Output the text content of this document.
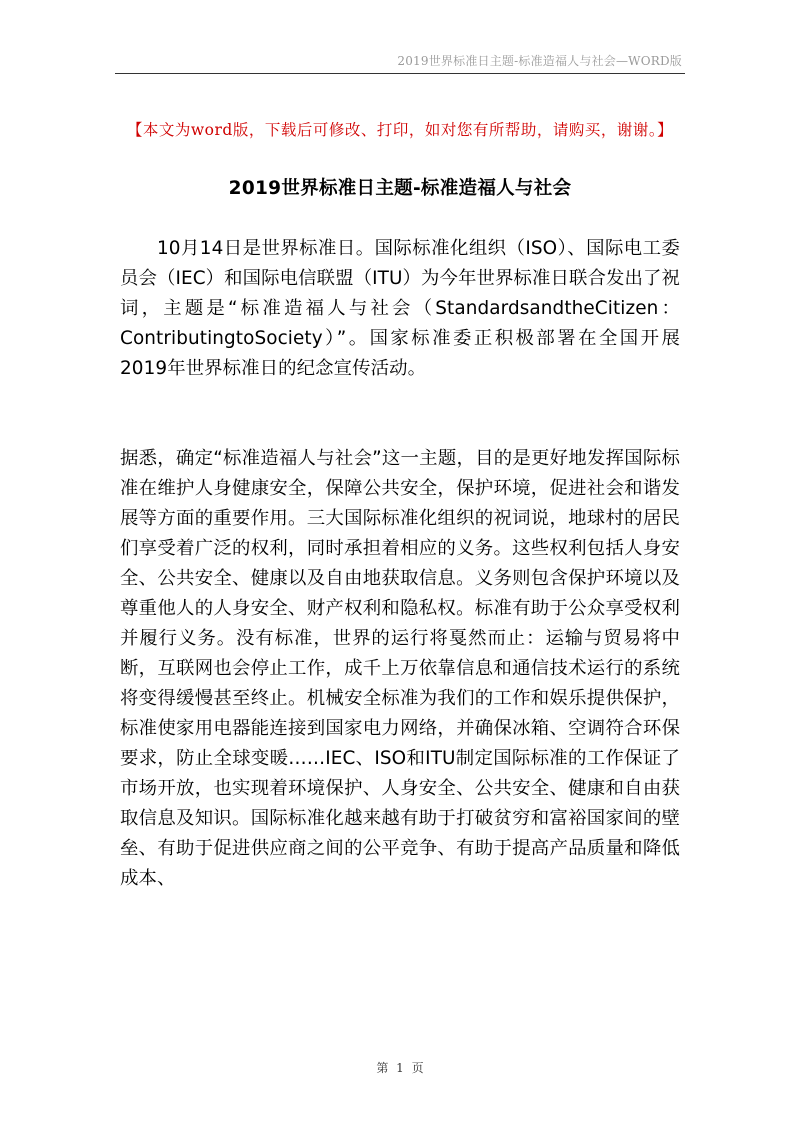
2019世界标准日主题-标准造福人与社会—WORD版
【本文为word版，下载后可修改、打印，如对您有所帮助，请购买，谢谢。】
2019世界标准日主题-标准造福人与社会
10月14日是世界标准日。国际标准化组织（ISO）、国际电工委员会（IEC）和国际电信联盟（ITU）为今年世界标准日联合发出了祝词，主题是“标准造福人与社会（StandardsandtheCitizen：ContributingtoSociety）”。国家标准委正积极部署在全国开展2019年世界标准日的纪念宣传活动。
据悉，确定“标准造福人与社会”这一主题，目的是更好地发挥国际标准在维护人身健康安全，保障公共安全，保护环境，促进社会和谐发展等方面的重要作用。三大国际标准化组织的祝词说，地球村的居民们享受着广泛的权利，同时承担着相应的义务。这些权利包括人身安全、公共安全、健康以及自由地获取信息。义务则包含保护环境以及尊重他人的人身安全、财产权利和隐私权。标准有助于公众享受权利并履行义务。没有标准，世界的运行将戛然而止：运输与贸易将中断，互联网也会停止工作，成千上万依靠信息和通信技术运行的系统将变得缓慢甚至终止。机械安全标准为我们的工作和娱乐提供保护，标准使家用电器能连接到国家电力网络，并确保冰箱、空调符合环保要求，防止全球变暖……IEC、ISO和ITU制定国际标准的工作保证了市场开放，也实现着环境保护、人身安全、公共安全、健康和自由获取信息及知识。国际标准化越来越有助于打破贫穷和富裕国家间的壁垒、有助于促进供应商之间的公平竞争、有助于提高产品质量和降低成本、
第 1 页
